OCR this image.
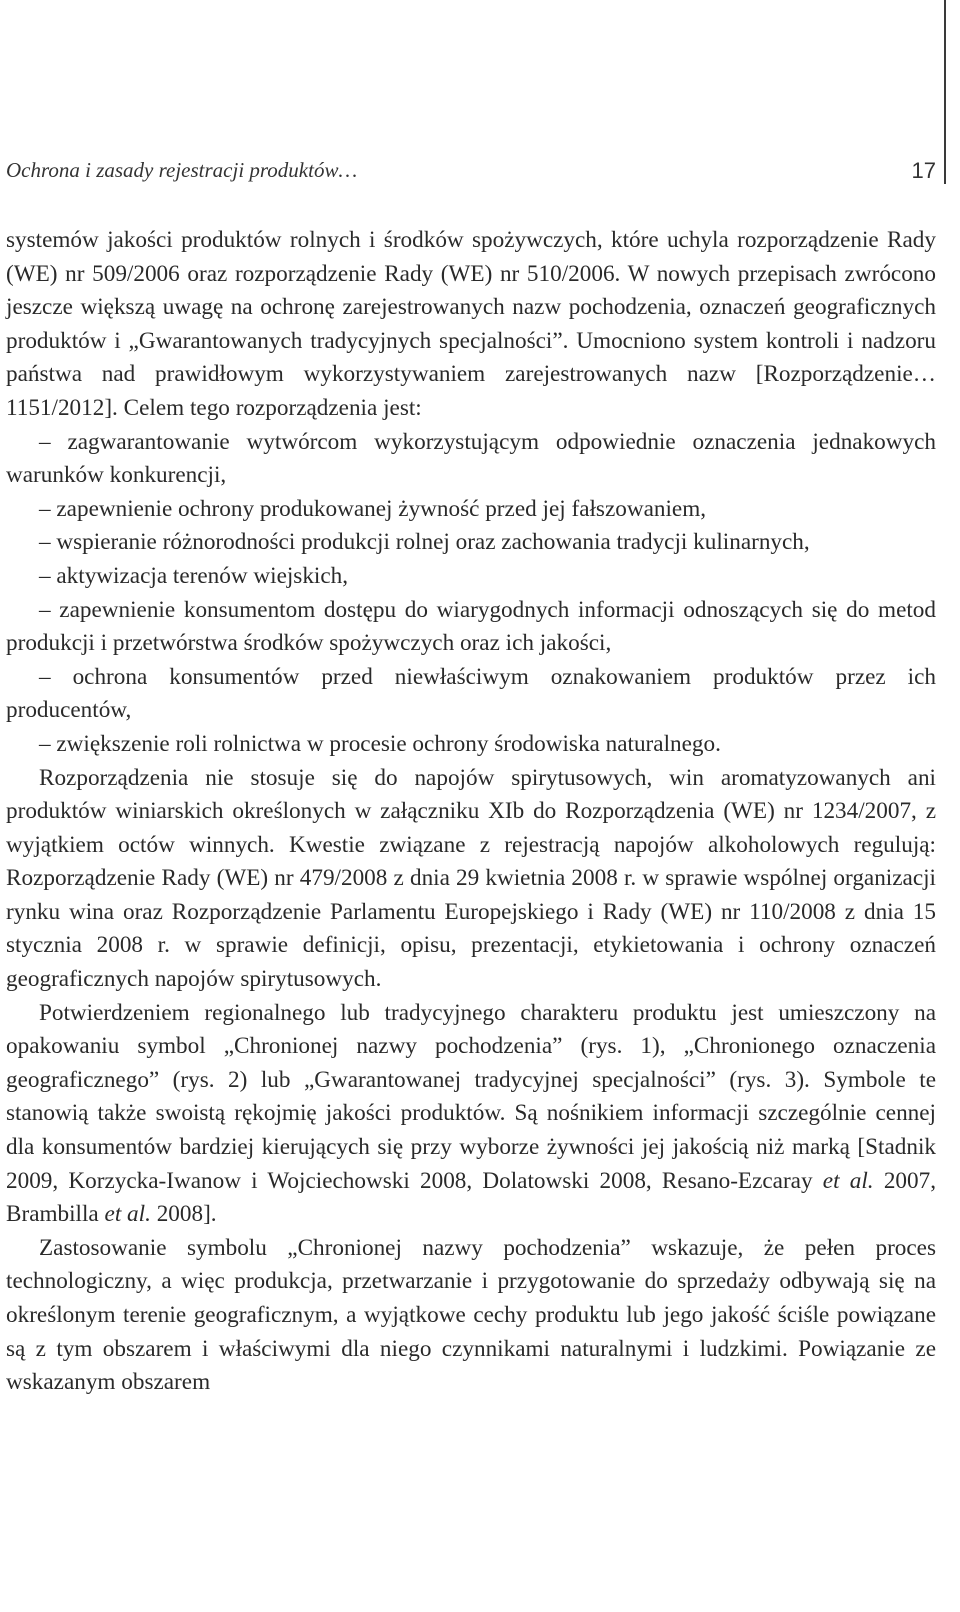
Ochrona i zasady rejestracji produktów…	17

systemów jakości produktów rolnych i środków spożywczych, które uchyla rozporządzenie Rady (WE) nr 509/2006 oraz rozporządzenie Rady (WE) nr 510/2006. W nowych przepisach zwrócono jeszcze większą uwagę na ochronę zarejestrowanych nazw pochodzenia, oznaczeń geograficznych produktów i „Gwarantowanych tradycyjnych specjalności”. Umocniono system kontroli i nadzoru państwa nad prawidłowym wykorzystywaniem zarejestrowanych nazw [Rozporządzenie… 1151/2012]. Celem tego rozporządzenia jest:

– zagwarantowanie wytwórcom wykorzystującym odpowiednie oznaczenia jednakowych warunków konkurencji,

– zapewnienie ochrony produkowanej żywność przed jej fałszowaniem,

– wspieranie różnorodności produkcji rolnej oraz zachowania tradycji kulinarnych,

– aktywizacja terenów wiejskich,

– zapewnienie konsumentom dostępu do wiarygodnych informacji odnoszących się do metod produkcji i przetwórstwa środków spożywczych oraz ich jakości,

– ochrona konsumentów przed niewłaściwym oznakowaniem produktów przez ich producentów,

– zwiększenie roli rolnictwa w procesie ochrony środowiska naturalnego.

Rozporządzenia nie stosuje się do napojów spirytusowych, win aromatyzowanych ani produktów winiarskich określonych w załączniku XIb do Rozporządzenia (WE) nr 1234/2007, z wyjątkiem octów winnych. Kwestie związane z rejestracją napojów alkoholowych regulują: Rozporządzenie Rady (WE) nr 479/2008 z dnia 29 kwietnia 2008 r. w sprawie wspólnej organizacji rynku wina oraz Rozporządzenie Parlamentu Europejskiego i Rady (WE) nr 110/2008 z dnia 15 stycznia 2008 r. w sprawie definicji, opisu, prezentacji, etykietowania i ochrony oznaczeń geograficznych napojów spirytusowych.

Potwierdzeniem regionalnego lub tradycyjnego charakteru produktu jest umieszczony na opakowaniu symbol „Chronionej nazwy pochodzenia” (rys. 1), „Chronionego oznaczenia geograficznego” (rys. 2) lub „Gwarantowanej tradycyjnej specjalności” (rys. 3). Symbole te stanowią także swoistą rękojmię jakości produktów. Są nośnikiem informacji szczególnie cennej dla konsumentów bardziej kierujących się przy wyborze żywności jej jakością niż marką [Stadnik 2009, Korzycka-Iwanow i Wojciechowski 2008, Dolatowski 2008, Resano-Ezcaray et al. 2007, Brambilla et al. 2008].

Zastosowanie symbolu „Chronionej nazwy pochodzenia” wskazuje, że pełen proces technologiczny, a więc produkcja, przetwarzanie i przygotowanie do sprzedaży odbywają się na określonym terenie geograficznym, a wyjątkowe cechy produktu lub jego jakość ściśle powiązane są z tym obszarem i właściwymi dla niego czynnikami naturalnymi i ludzkimi. Powiązanie ze wskazanym obszarem
